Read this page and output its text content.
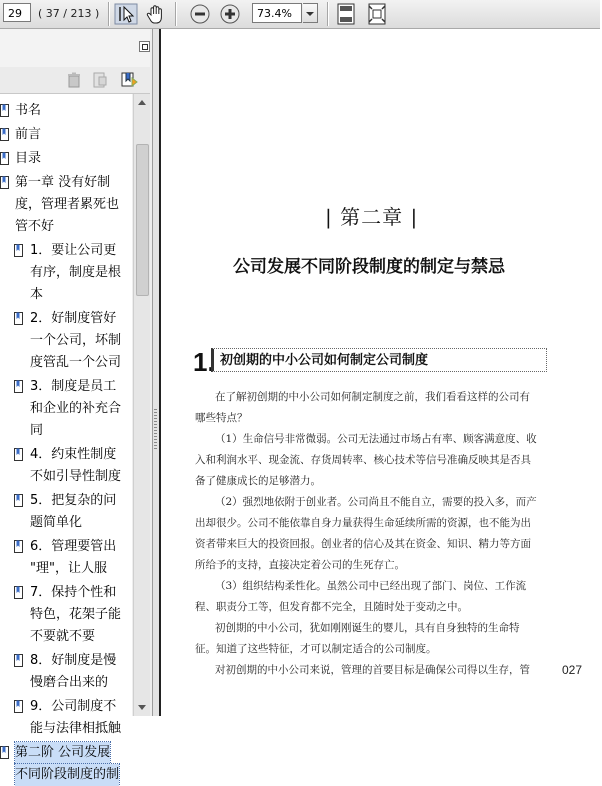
29	( 37 / 213 )	73.4%
书名
前言
目录
第一章 没有好制
度，管理者累死也
管不好
1．要让公司更
有序，制度是根
本
2．好制度管好
一个公司，坏制
度管乱一个公司
3．制度是员工
和企业的补充合
同
4．约束性制度
不如引导性制度
5．把复杂的问
题简单化
6．管理要管出
"理"，让人服
7．保持个性和
特色，花架子能
不要就不要
8．好制度是慢
慢磨合出来的
9．公司制度不
能与法律相抵触
第二阶 公司发展
不同阶段制度的制
| 第二章 |
公司发展不同阶段制度的制定与禁忌
1. 初创期的中小公司如何制定公司制度
在了解初创期的中小公司如何制定制度之前，我们看看这样的公司有
哪些特点？
（1）生命信号非常微弱。公司无法通过市场占有率、顾客满意度、收
入和利润水平、现金流、存货周转率、核心技术等信号准确反映其是否具
备了健康成长的足够潜力。
（2）强烈地依附于创业者。公司尚且不能自立，需要的投入多，而产
出却很少。公司不能依靠自身力量获得生命延续所需的资源，也不能为出
资者带来巨大的投资回报。创业者的信心及其在资金、知识、精力等方面
所给予的支持，直接决定着公司的生死存亡。
（3）组织结构柔性化。虽然公司中已经出现了部门、岗位、工作流
程、职责分工等，但发育都不完全，且随时处于变动之中。
初创期的中小公司，犹如刚刚诞生的婴儿，具有自身独特的生命特
征。知道了这些特征，才可以制定适合的公司制度。
对初创期的中小公司来说，管理的首要目标是确保公司得以生存，管	027
